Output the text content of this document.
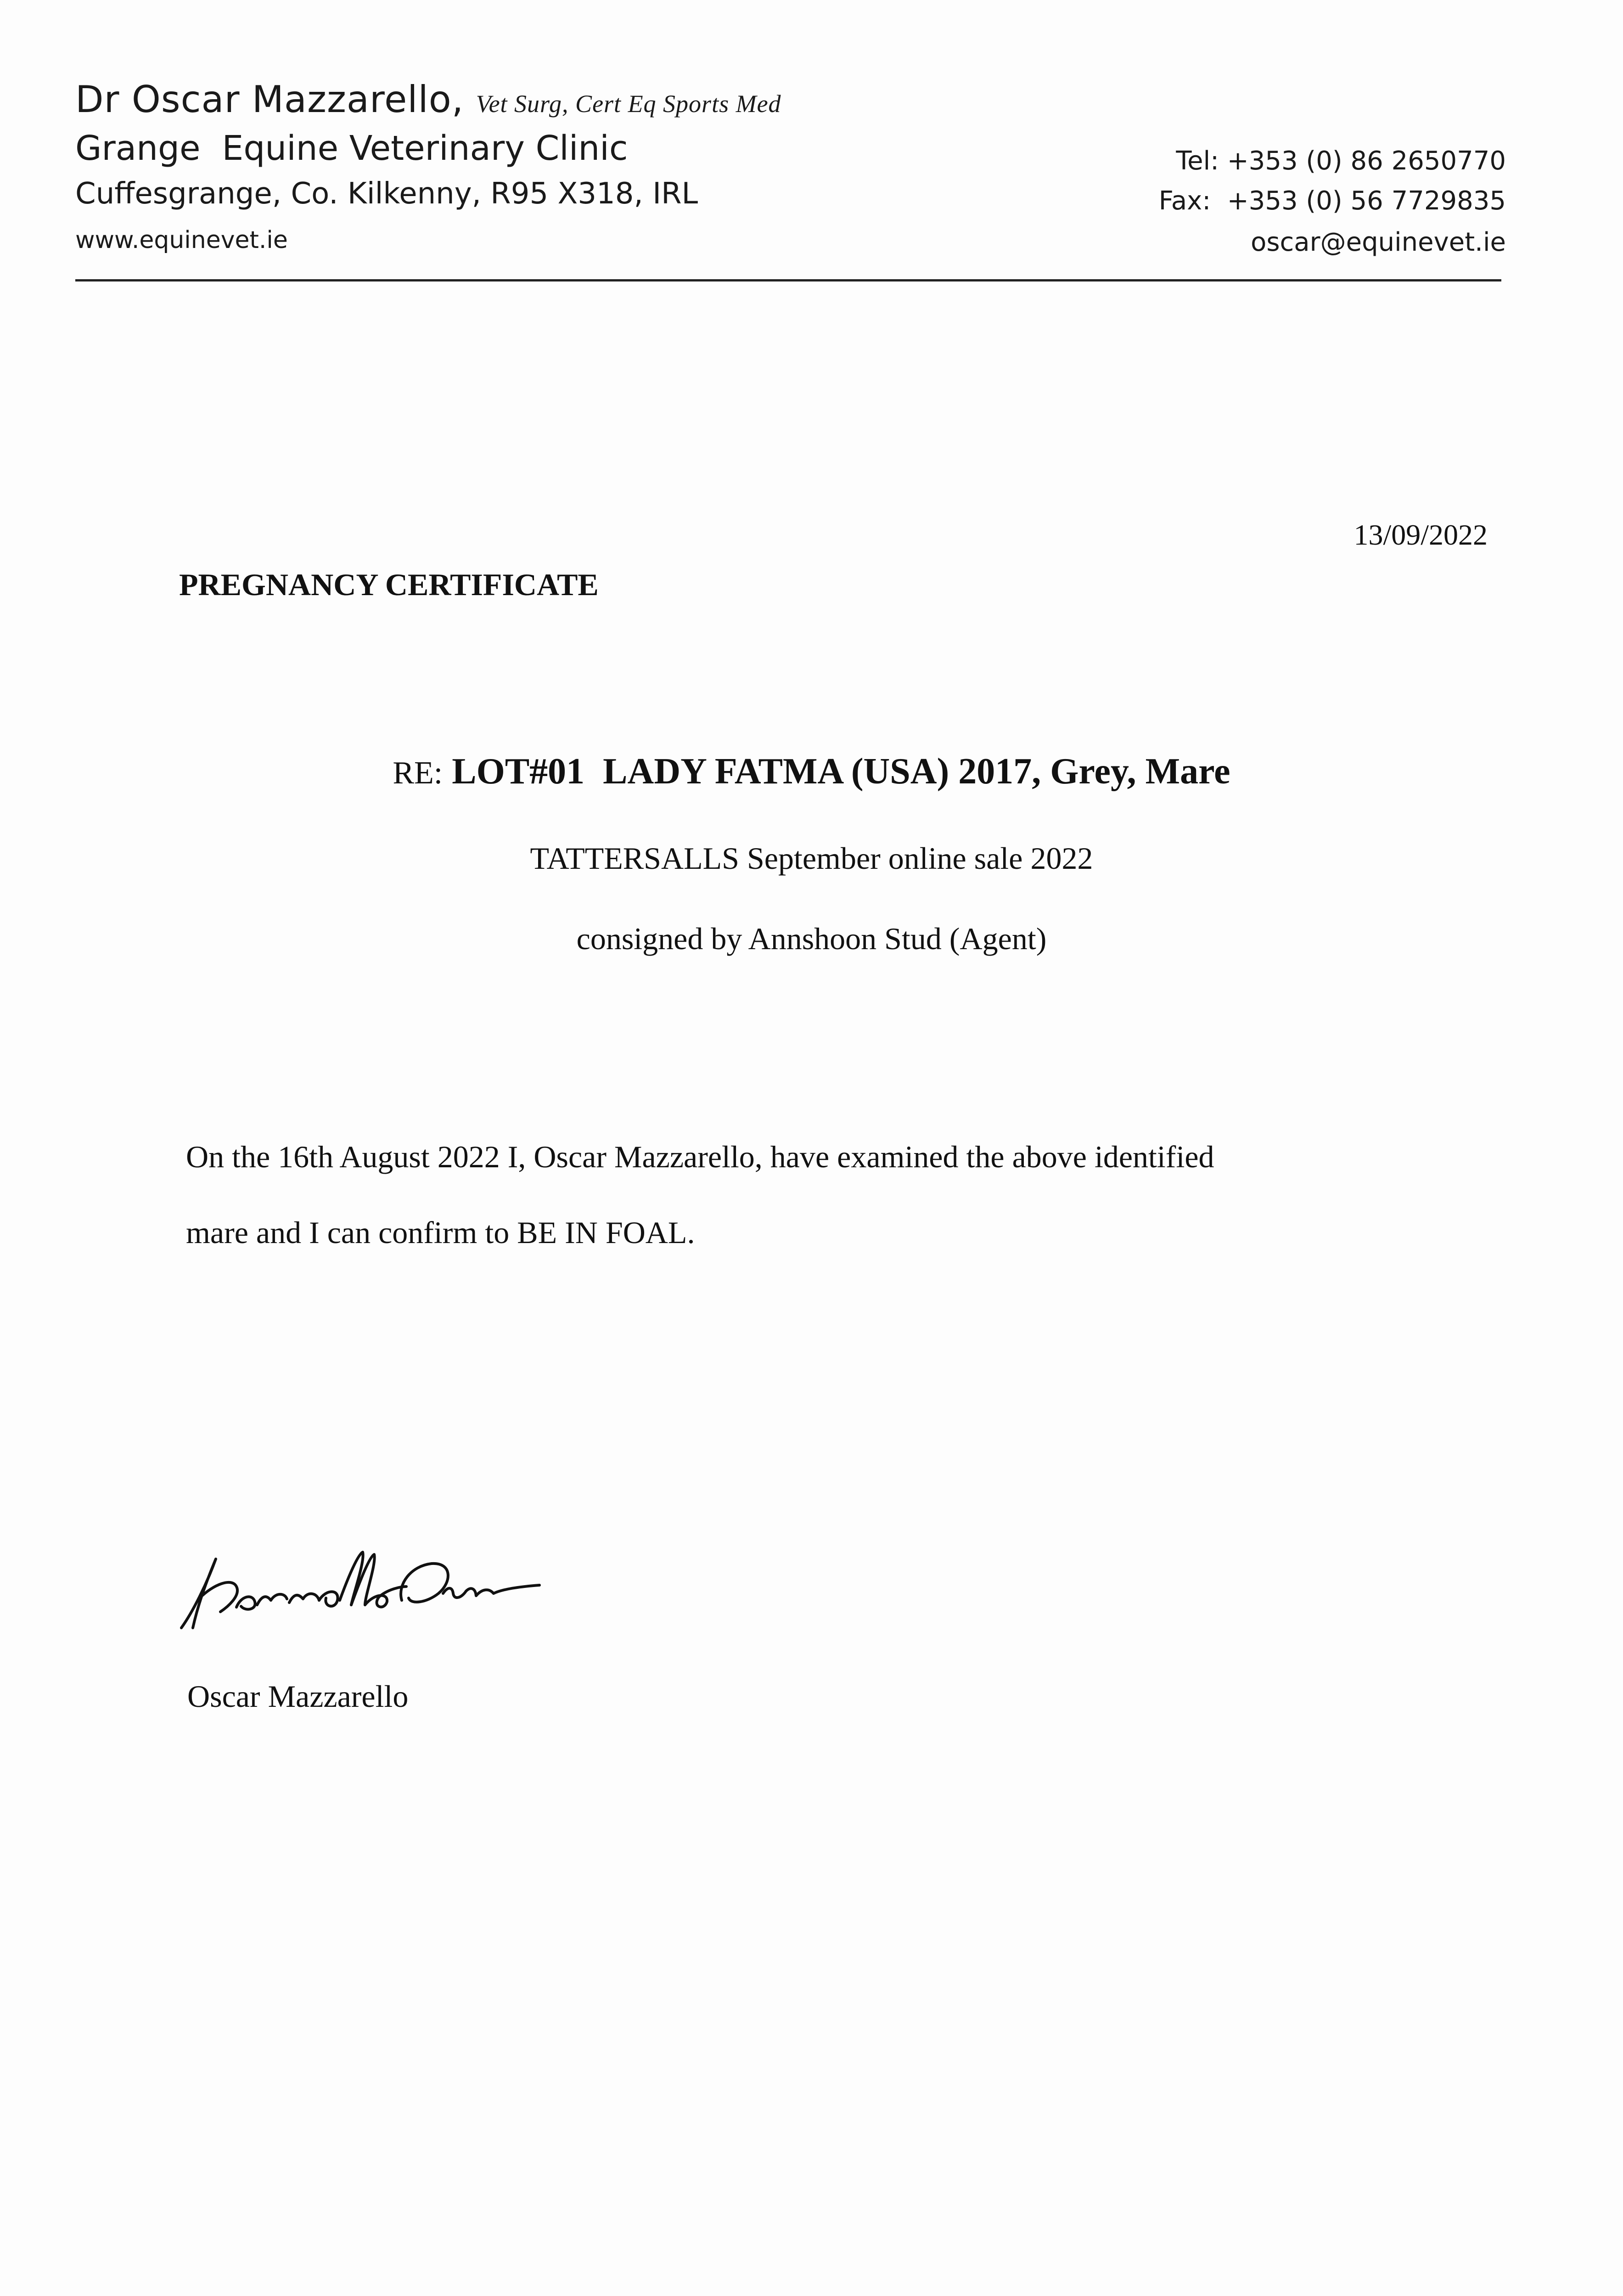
Dr Oscar Mazzarello, Vet Surg, Cert Eq Sports Med
Grange  Equine Veterinary Clinic
Cuffesgrange, Co. Kilkenny, R95 X318, IRL
www.equinevet.ie
Tel: +353 (0) 86 2650770
Fax:  +353 (0) 56 7729835
oscar@equinevet.ie
13/09/2022
PREGNANCY CERTIFICATE
RE: LOT#01  LADY FATMA (USA) 2017, Grey, Mare
TATTERSALLS September online sale 2022
consigned by Annshoon Stud (Agent)
On the 16th August 2022 I, Oscar Mazzarello, have examined the above identified
mare and I can confirm to BE IN FOAL.
Oscar Mazzarello
